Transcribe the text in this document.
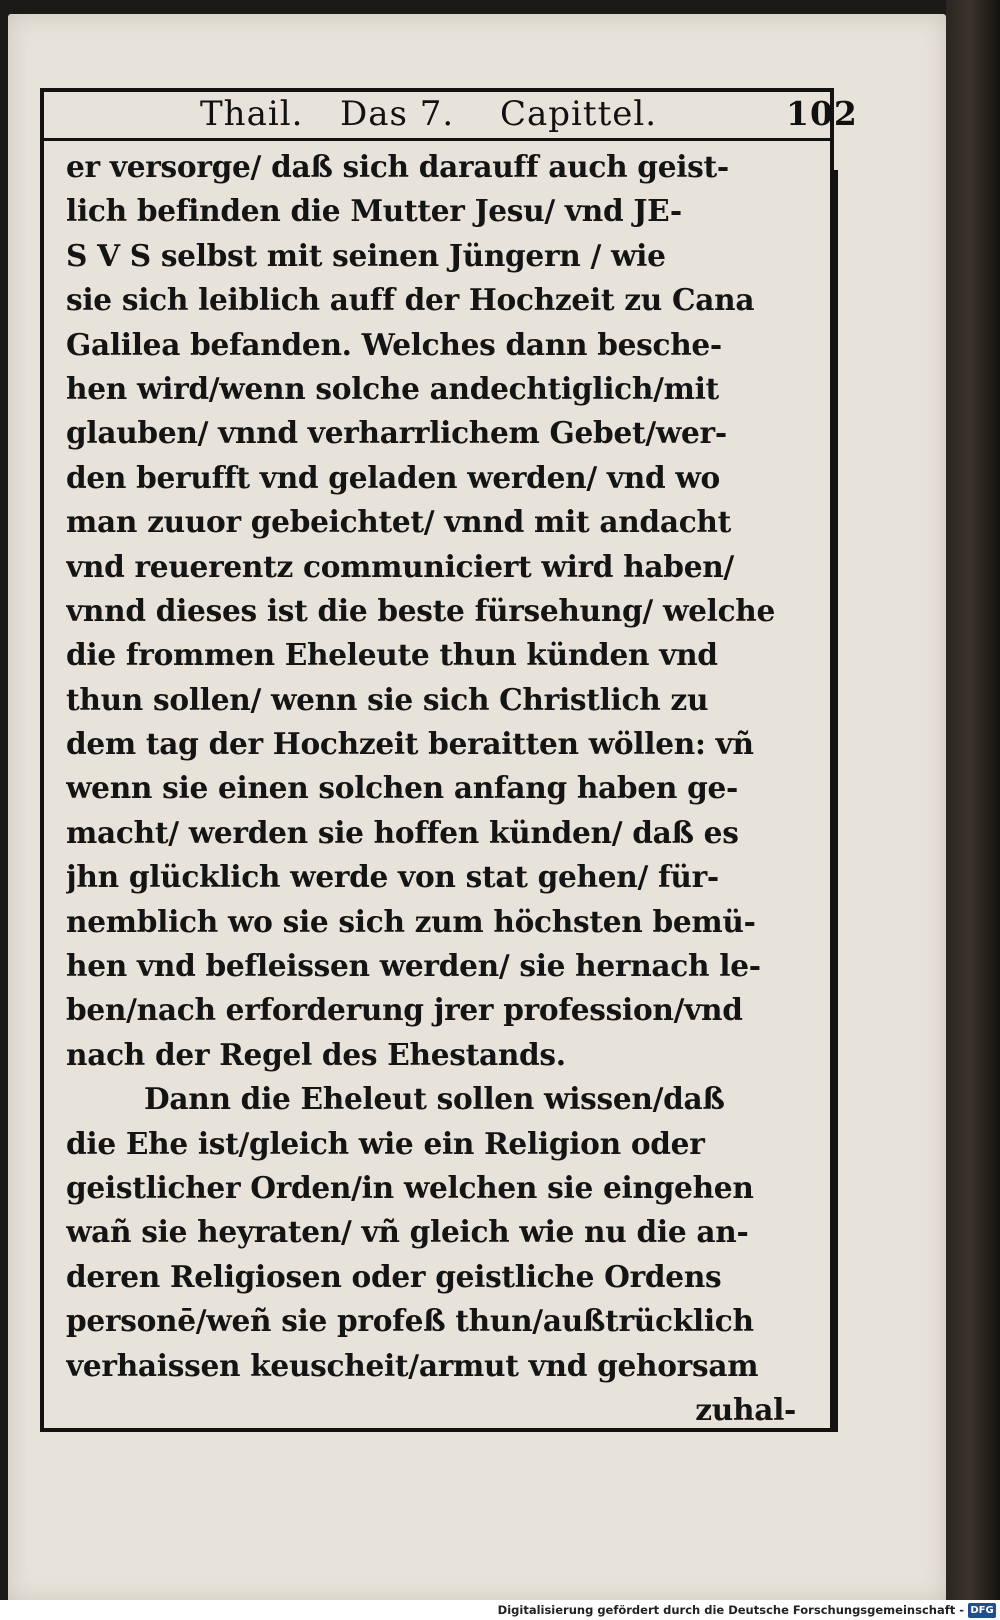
Thail. Das 7. Capittel.	102
er versorge/ daß sich darauff auch geist-
lich befinden die Mutter Jesu/ vnd JE-
S V S selbst mit seinen Jüngern / wie
sie sich leiblich auff der Hochzeit zu Cana
Galilea befanden. Welches dann besche-
hen wird/wenn solche andechtiglich/mit
glauben/ vnnd verharrlichem Gebet/wer-
den berufft vnd geladen werden/ vnd wo
man zuuor gebeichtet/ vnnd mit andacht
vnd reuerentz communiciert wird haben/
vnnd dieses ist die beste fürsehung/ welche
die frommen Eheleute thun künden vnd
thun sollen/ wenn sie sich Christlich zu
dem tag der Hochzeit beraitten wöllen: vñ
wenn sie einen solchen anfang haben ge-
macht/ werden sie hoffen künden/ daß es
jhn glücklich werde von stat gehen/ für-
nemblich wo sie sich zum höchsten bemü-
hen vnd befleissen werden/ sie hernach le-
ben/nach erforderung jrer profession/vnd
nach der Regel des Ehestands.
Dann die Eheleut sollen wissen/daß
die Ehe ist/gleich wie ein Religion oder
geistlicher Orden/in welchen sie eingehen
wañ sie heyraten/ vñ gleich wie nu die an-
deren Religiosen oder geistliche Ordens
personē/weñ sie profeß thun/außtrücklich
verhaissen keuscheit/armut vnd gehorsam
zuhal-
Digitalisierung gefördert durch die Deutsche Forschungsgemeinschaft - DFG
